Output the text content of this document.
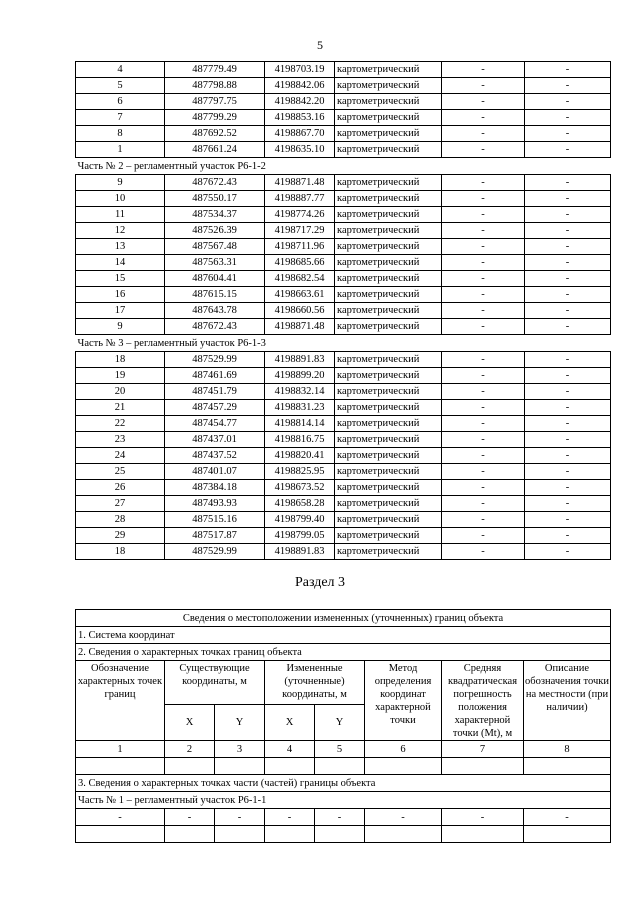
5
4	487779.49	4198703.19	картометрический	-	-
5	487798.88	4198842.06	картометрический	-	-
6	487797.75	4198842.20	картометрический	-	-
7	487799.29	4198853.16	картометрический	-	-
8	487692.52	4198867.70	картометрический	-	-
1	487661.24	4198635.10	картометрический	-	-
Часть № 2 – регламентный участок Р6-1-2					
9	487672.43	4198871.48	картометрический	-	-
10	487550.17	4198887.77	картометрический	-	-
11	487534.37	4198774.26	картометрический	-	-
12	487526.39	4198717.29	картометрический	-	-
13	487567.48	4198711.96	картометрический	-	-
14	487563.31	4198685.66	картометрический	-	-
15	487604.41	4198682.54	картометрический	-	-
16	487615.15	4198663.61	картометрический	-	-
17	487643.78	4198660.56	картометрический	-	-
9	487672.43	4198871.48	картометрический	-	-
Часть № 3 – регламентный участок Р6-1-3					
18	487529.99	4198891.83	картометрический	-	-
19	487461.69	4198899.20	картометрический	-	-
20	487451.79	4198832.14	картометрический	-	-
21	487457.29	4198831.23	картометрический	-	-
22	487454.77	4198814.14	картометрический	-	-
23	487437.01	4198816.75	картометрический	-	-
24	487437.52	4198820.41	картометрический	-	-
25	487401.07	4198825.95	картометрический	-	-
26	487384.18	4198673.52	картометрический	-	-
27	487493.93	4198658.28	картометрический	-	-
28	487515.16	4198799.40	картометрический	-	-
29	487517.87	4198799.05	картометрический	-	-
18	487529.99	4198891.83	картометрический	-	-
Раздел 3
Сведения о местоположении измененных (уточненных) границ объекта							
1. Система координат							
2. Сведения о характерных точках границ объекта							
Обозначение характерных точек границ	Существующие координаты, м		Измененные (уточненные) координаты, м		Метод определения координат характерной точки	Средняя квадратическая погрешность положения характерной точки (Mt), м	Описание обозначения точки на местности (при наличии)
	X	Y	X	Y			
1	2	3	4	5	6	7	8

3. Сведения о характерных точках части (частей) границы объекта							
Часть № 1 – регламентный участок Р6-1-1							
-	-	-	-	-	-	-	-
